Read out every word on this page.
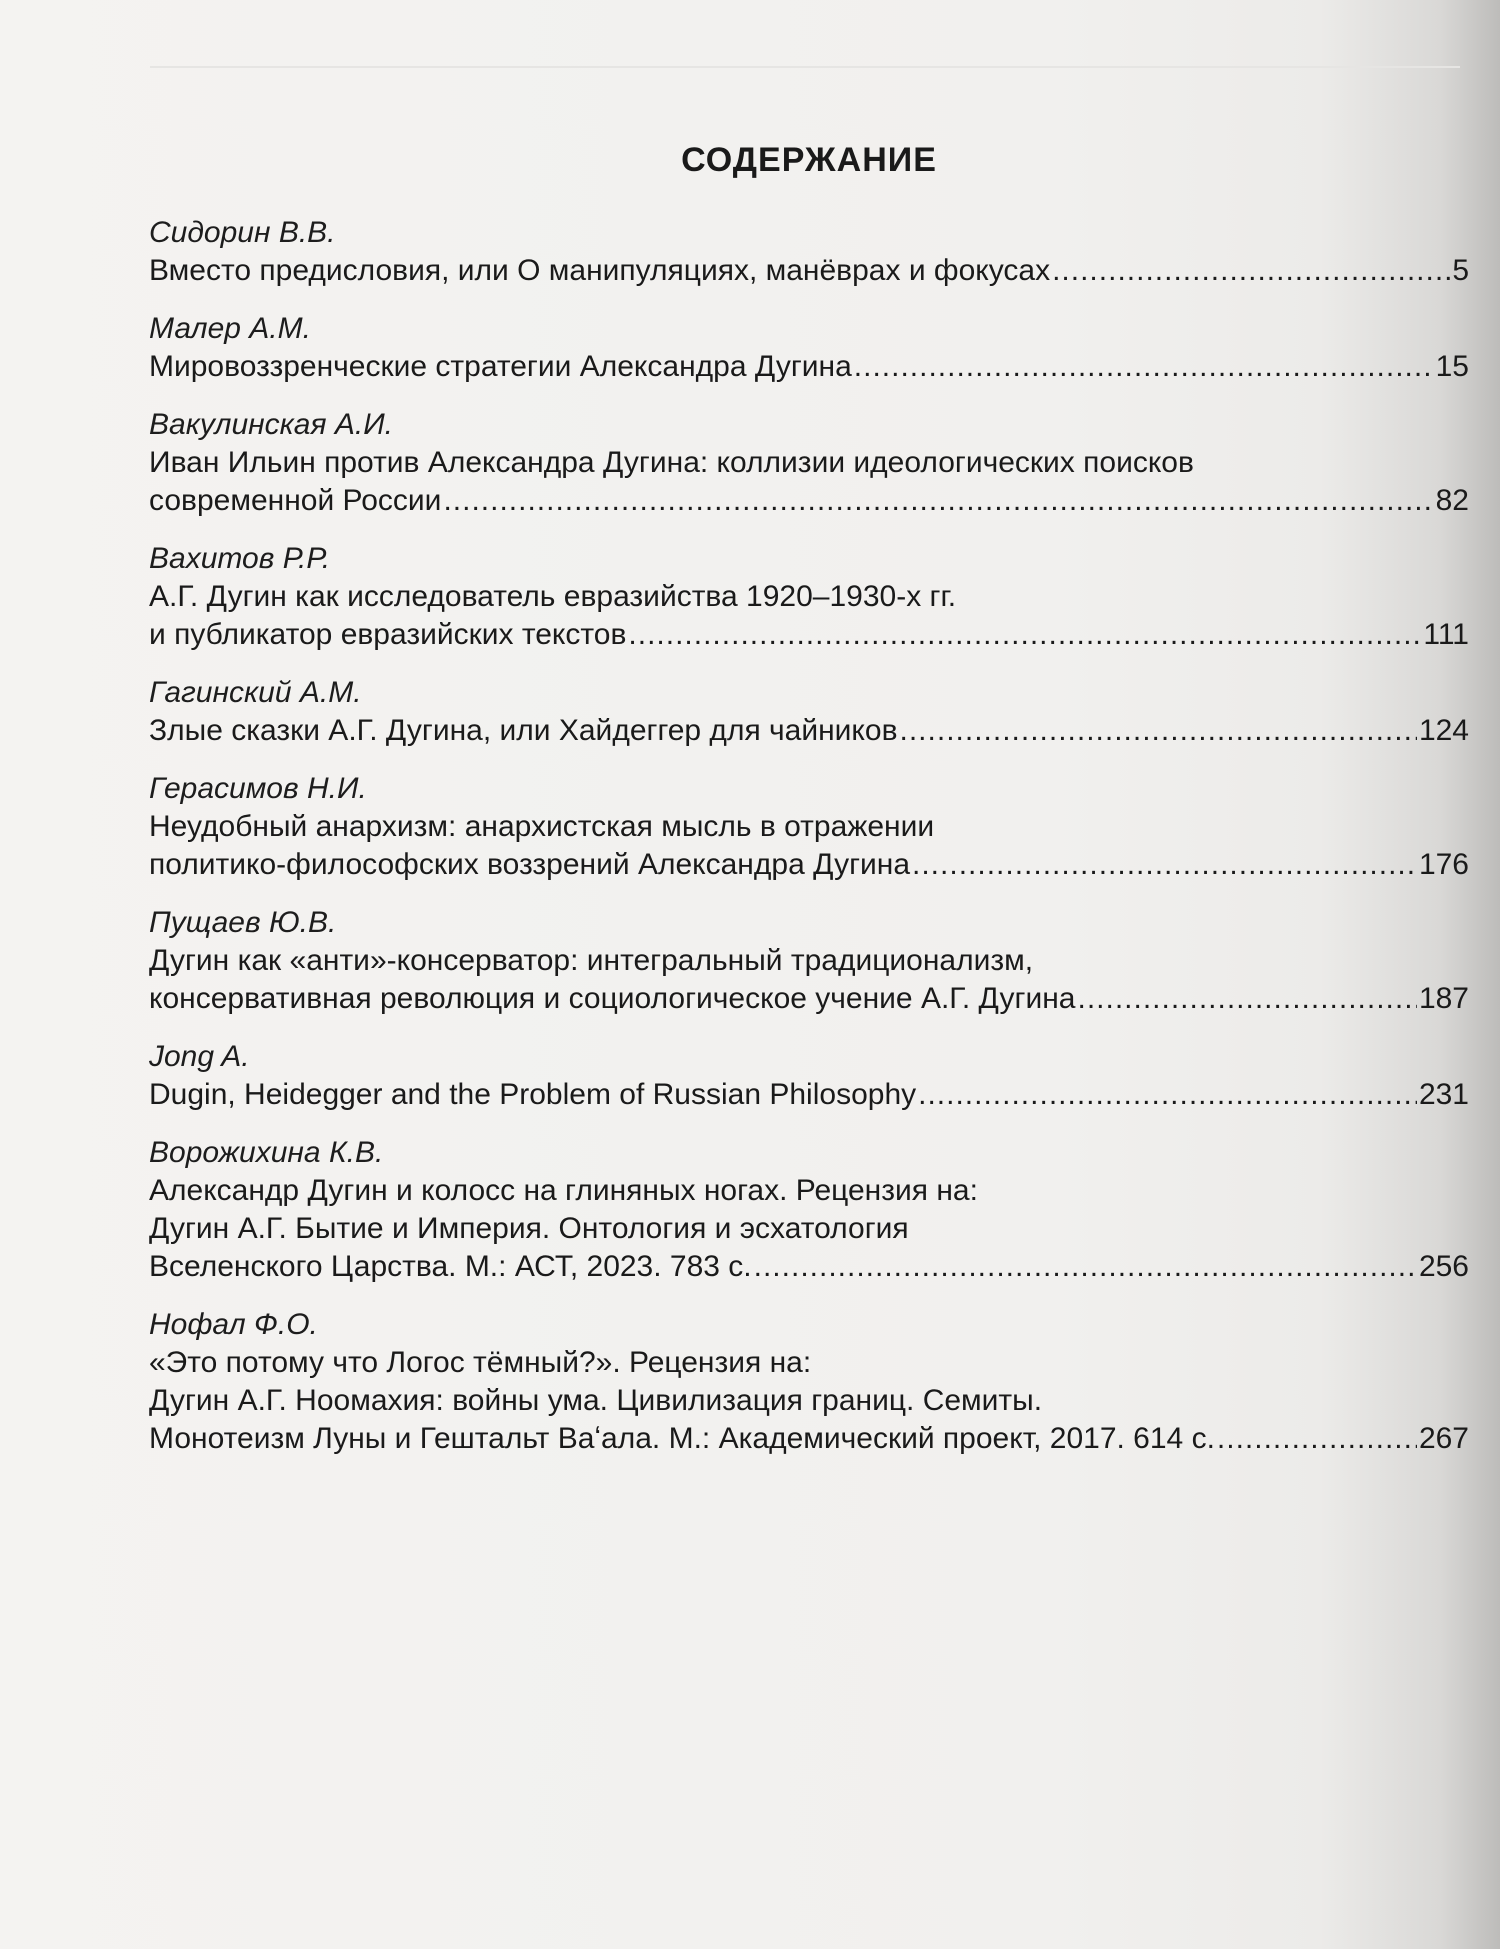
СОДЕРЖАНИЕ
Сидорин В.В.
Вместо предисловия, или О манипуляциях, манёврах и фокусах .....	5
Малер А.М.
Мировоззренческие стратегии Александра Дугина .....	15
Вакулинская А.И.
Иван Ильин против Александра Дугина: коллизии идеологических поисков
современной России .....	82
Вахитов Р.Р.
А.Г. Дугин как исследователь евразийства 1920–1930-х гг.
и публикатор евразийских текстов .....	111
Гагинский А.М.
Злые сказки А.Г. Дугина, или Хайдеггер для чайников .....	124
Герасимов Н.И.
Неудобный анархизм: анархистская мысль в отражении
политико-философских воззрений Александра Дугина .....	176
Пущаев Ю.В.
Дугин как «анти»-консерватор: интегральный традиционализм,
консервативная революция и социологическое учение А.Г. Дугина .....	187
Jong A.
Dugin, Heidegger and the Problem of Russian Philosophy .....	231
Ворожихина К.В.
Александр Дугин и колосс на глиняных ногах. Рецензия на:
Дугин А.Г. Бытие и Империя. Онтология и эсхатология
Вселенского Царства. М.: АСТ, 2023. 783 с. .....	256
Нофал Ф.О.
«Это потому что Логос тёмный?». Рецензия на:
Дугин А.Г. Ноомахия: войны ума. Цивилизация границ. Семиты.
Монотеизм Луны и Гештальт Ваʻала. М.: Академический проект, 2017. 614 с. .....	267
